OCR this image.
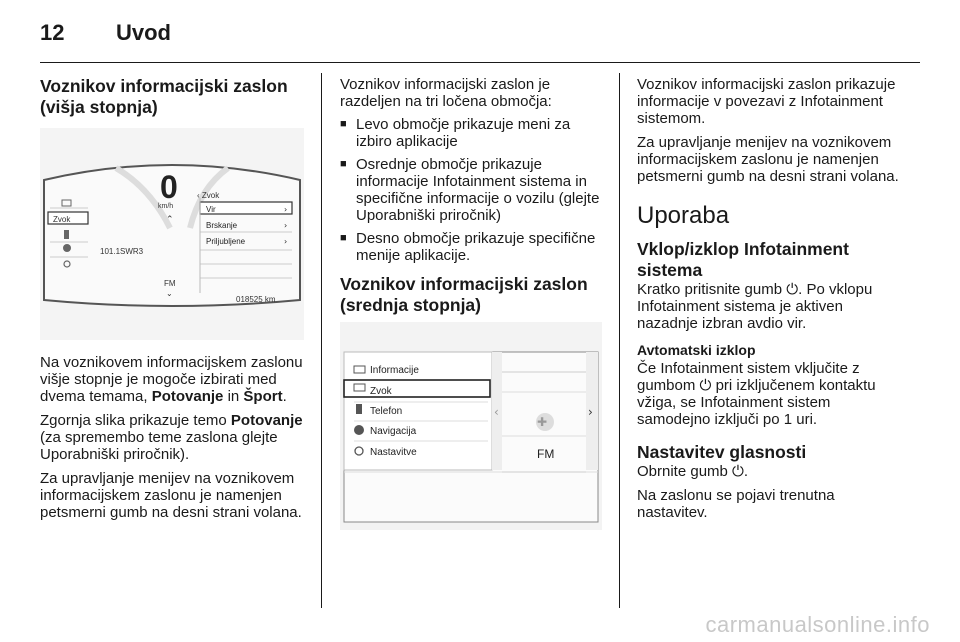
12 Uvod
Voznikov informacijski zaslon
(višja stopnja)
Zvok
0
km/h
⌃
101.1SWR3
FM
⌄
‹ Zvok
Vir	›
Brskanje	›
Priljubljene	›
018525 km

Na voznikovem informacijskem zaslonu višje stopnje je mogoče izbirati med dvema temama, Potovanje in Šport.

Zgornja slika prikazuje temo Potovanje (za spremembo teme zaslona glejte Uporabniški priročnik).

Za upravljanje menijev na voznikovem informacijskem zaslonu je namenjen petsmerni gumb na desni strani volana.

Voznikov informacijski zaslon je razdeljen na tri ločena območja:

■ Levo območje prikazuje meni za izbiro aplikacije
■ Osrednje območje prikazuje informacije Infotainment sistema in specifične informacije o vozilu (glejte Uporabniški priročnik)
■ Desno območje prikazuje specifične menije aplikacije.
Voznikov informacijski zaslon
(srednja stopnja)
Informacije
Zvok
Telefon
Navigacija
Nastavitve
‹	›
✚
FM

Voznikov informacijski zaslon prikazuje informacije v povezavi z Infotainment sistemom.

Za upravljanje menijev na voznikovem informacijskem zaslonu je namenjen petsmerni gumb na desni strani volana.

Uporaba
Vklop/izklop Infotainment
sistema

Kratko pritisnite gumb ⏻. Po vklopu Infotainment sistema je aktiven nazadnje izbran avdio vir.

Avtomatski izklop

Če Infotainment sistem vključite z gumbom ⏻ pri izključenem kontaktu vžiga, se Infotainment sistem samodejno izključi po 1 uri.

Nastavitev glasnosti

Obrnite gumb ⏻.

Na zaslonu se pojavi trenutna nastavitev.

carmanualsonline.info
